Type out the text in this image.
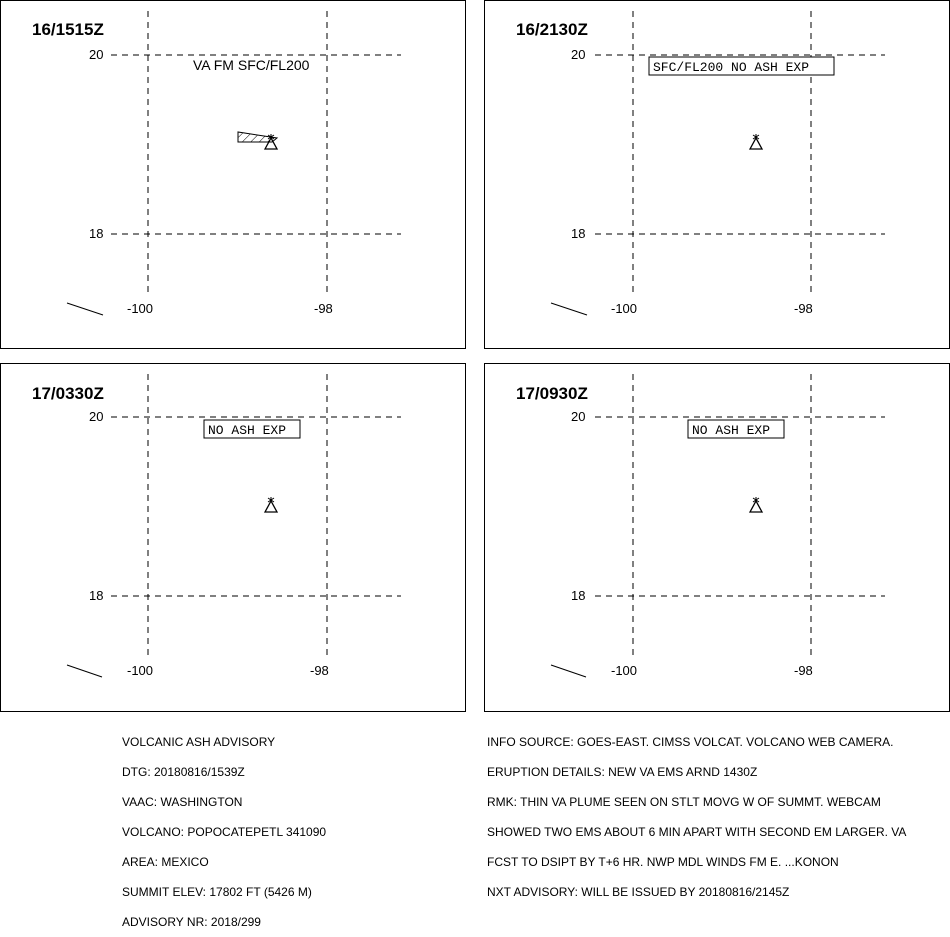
16/1515Z
20
18
-100	-98
VA FM SFC/FL200
16/2130Z
20
18
-100	-98
SFC/FL200 NO ASH EXP
17/0330Z
20
18
-100	-98
NO ASH EXP
17/0930Z
20
18
-100	-98
NO ASH EXP

VOLCANIC ASH ADVISORY

DTG: 20180816/1539Z

VAAC: WASHINGTON

VOLCANO: POPOCATEPETL 341090

AREA: MEXICO

SUMMIT ELEV: 17802 FT (5426 M)

ADVISORY NR: 2018/299

INFO SOURCE: GOES-EAST. CIMSS VOLCAT. VOLCANO WEB CAMERA.

ERUPTION DETAILS: NEW VA EMS ARND 1430Z

RMK: THIN VA PLUME SEEN ON STLT MOVG W OF SUMMT. WEBCAM

SHOWED TWO EMS ABOUT 6 MIN APART WITH SECOND EM LARGER. VA

FCST TO DSIPT BY T+6 HR. NWP MDL WINDS FM E. ...KONON

NXT ADVISORY: WILL BE ISSUED BY 20180816/2145Z
